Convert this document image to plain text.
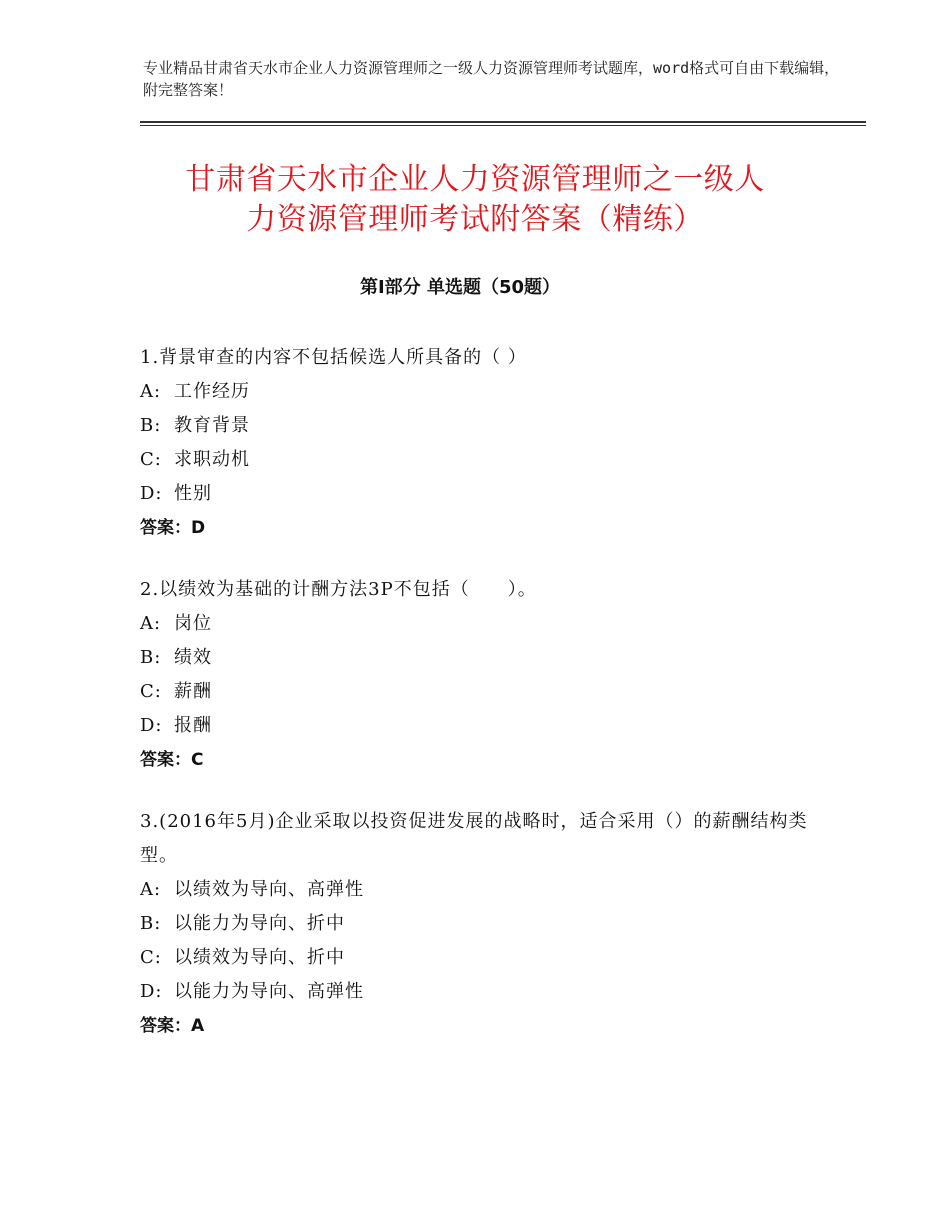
专业精品甘肃省天水市企业人力资源管理师之一级人力资源管理师考试题库，word格式可自由下载编辑，附完整答案！
甘肃省天水市企业人力资源管理师之一级人
力资源管理师考试附答案（精练）
第Ⅰ部分 单选题（50题）
1.背景审查的内容不包括候选人所具备的（ ）
A: 工作经历
B: 教育背景
C: 求职动机
D: 性别
答案：D
2.以绩效为基础的计酬方法3P不包括（　　）。
A: 岗位
B: 绩效
C: 薪酬
D: 报酬
答案：C
3.(2016年5月)企业采取以投资促进发展的战略时，适合采用（）的薪酬结构类型。
A: 以绩效为导向、高弹性
B: 以能力为导向、折中
C: 以绩效为导向、折中
D: 以能力为导向、高弹性
答案：A
